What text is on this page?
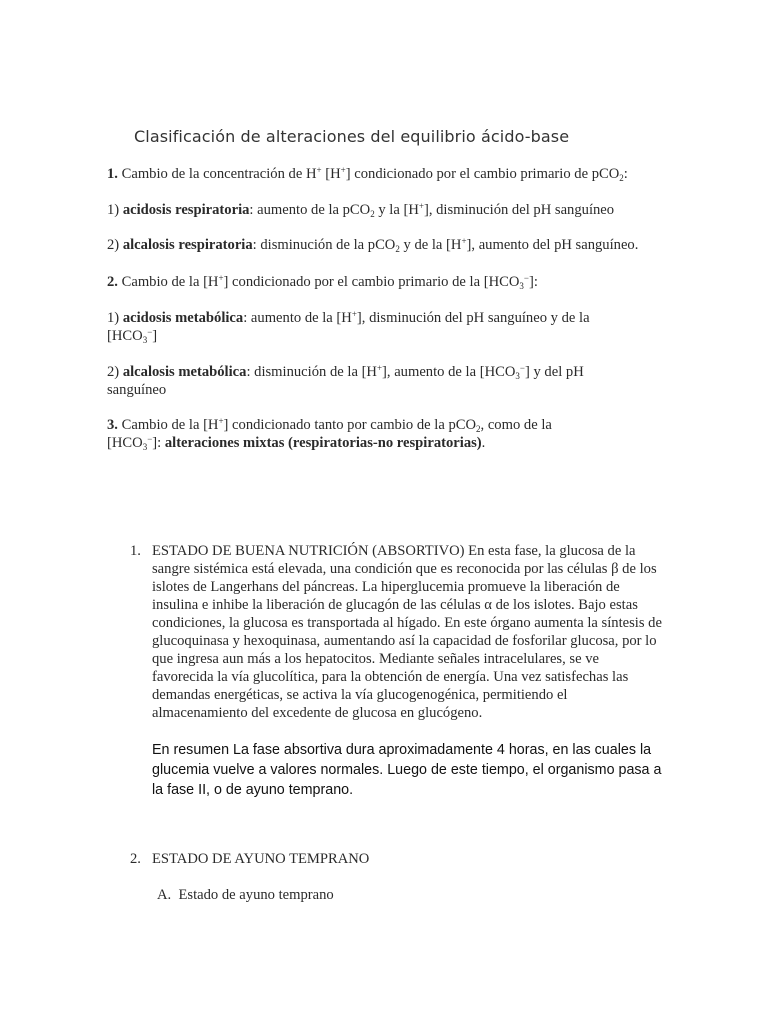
Clasificación de alteraciones del equilibrio ácido-base

1. Cambio de la concentración de H+ [H+] condicionado por el cambio primario de pCO$_2$:

1) acidosis respiratoria: aumento de la pCO$_2$ y la [H+], disminución del pH sanguíneo

2) alcalosis respiratoria: disminución de la pCO$_2$ y de la [H+], aumento del pH sanguíneo.

2. Cambio de la [H+] condicionado por el cambio primario de la $[HCO_3^-]$:

1) acidosis metabólica: aumento de la [H+], disminución del pH sanguíneo y de la
$[HCO_3^-]$

2) alcalosis metabólica: disminución de la [H+], aumento de la $[HCO_3^-]$ y del pH
sanguíneo

3. Cambio de la [H+] condicionado tanto por cambio de la pCO$_2$, como de la
$[HCO_3^-]$: alteraciones mixtas (respiratorias-no respiratorias).

1. ESTADO DE BUENA NUTRICIÓN (ABSORTIVO) En esta fase, la glucosa de la sangre sistémica está elevada, una condición que es reconocida por las células β de los islotes de Langerhans del páncreas. La hiperglucemia promueve la liberación de insulina e inhibe la liberación de glucagón de las células α de los islotes. Bajo estas condiciones, la glucosa es transportada al hígado. En este órgano aumenta la síntesis de glucoquinasa y hexoquinasa, aumentando así la capacidad de fosforilar glucosa, por lo que ingresa aun más a los hepatocitos. Mediante señales intracelulares, se ve favorecida la vía glucolítica, para la obtención de energía. Una vez satisfechas las demandas energéticas, se activa la vía glucogenogénica, permitiendo el almacenamiento del excedente de glucosa en glucógeno.
En resumen La fase absortiva dura aproximadamente 4 horas, en las cuales la glucemia vuelve a valores normales. Luego de este tiempo, el organismo pasa a la fase II, o de ayuno temprano.
2. ESTADO DE AYUNO TEMPRANO
A. Estado de ayuno temprano
